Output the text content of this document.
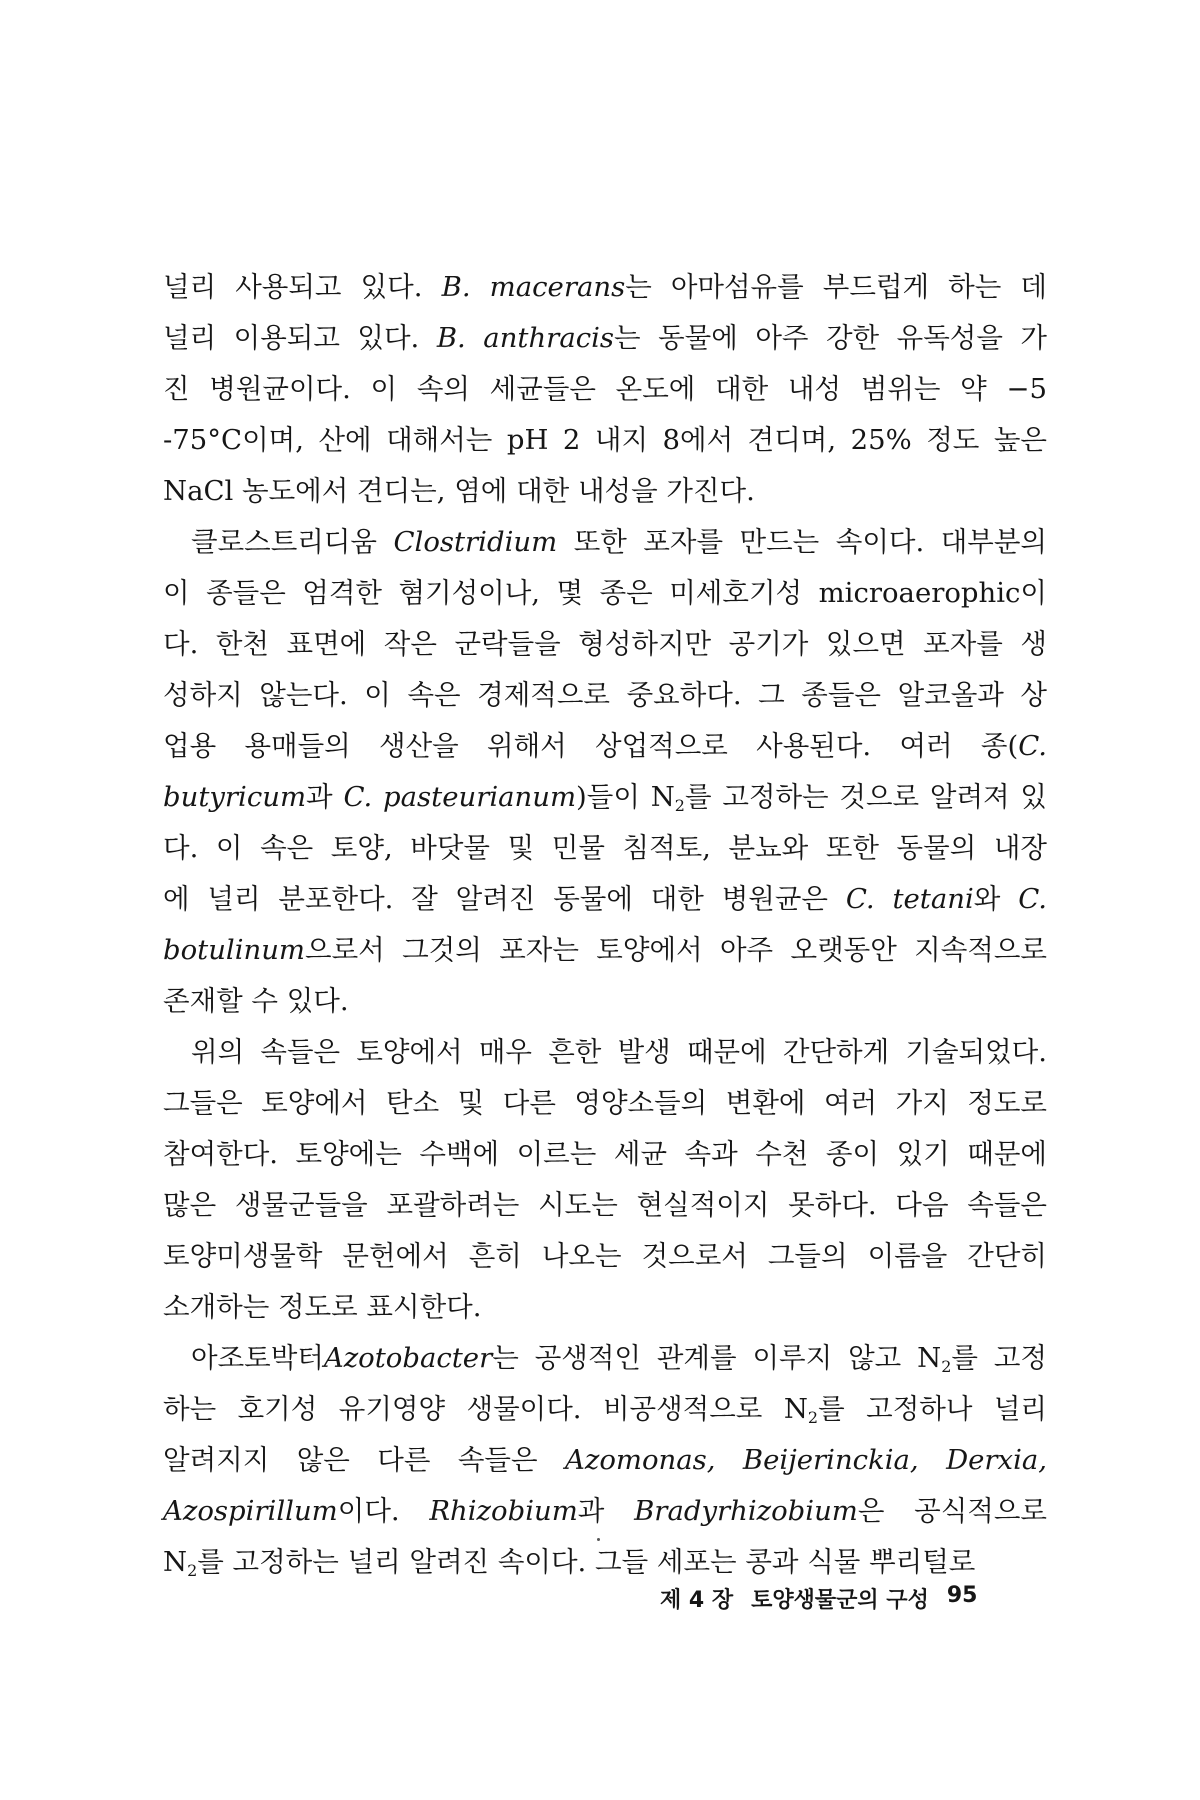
널리 사용되고 있다. B. macerans는 아마섬유를 부드럽게 하는 데
널리 이용되고 있다. B. anthracis는 동물에 아주 강한 유독성을 가
진 병원균이다. 이 속의 세균들은 온도에 대한 내성 범위는 약 −5
-75°C이며, 산에 대해서는 pH 2 내지 8에서 견디며, 25% 정도 높은
NaCl 농도에서 견디는, 염에 대한 내성을 가진다.
클로스트리디움 Clostridium 또한 포자를 만드는 속이다. 대부분의
이 종들은 엄격한 혐기성이나, 몇 종은 미세호기성 microaerophic이
다. 한천 표면에 작은 군락들을 형성하지만 공기가 있으면 포자를 생
성하지 않는다. 이 속은 경제적으로 중요하다. 그 종들은 알코올과 상
업용 용매들의 생산을 위해서 상업적으로 사용된다. 여러 종(C.
butyricum과 C. pasteurianum)들이 $N_2$를 고정하는 것으로 알려져 있
다. 이 속은 토양, 바닷물 및 민물 침적토, 분뇨와 또한 동물의 내장
에 널리 분포한다. 잘 알려진 동물에 대한 병원균은 C. tetani와 C.
botulinum으로서 그것의 포자는 토양에서 아주 오랫동안 지속적으로
존재할 수 있다.
위의 속들은 토양에서 매우 흔한 발생 때문에 간단하게 기술되었다.
그들은 토양에서 탄소 및 다른 영양소들의 변환에 여러 가지 정도로
참여한다. 토양에는 수백에 이르는 세균 속과 수천 종이 있기 때문에
많은 생물군들을 포괄하려는 시도는 현실적이지 못하다. 다음 속들은
토양미생물학 문헌에서 흔히 나오는 것으로서 그들의 이름을 간단히
소개하는 정도로 표시한다.
아조토박터Azotobacter는 공생적인 관계를 이루지 않고 $N_2$를 고정
하는 호기성 유기영양 생물이다. 비공생적으로 $N_2$를 고정하나 널리
알려지지 않은 다른 속들은 Azomonas, Beijerinckia, Derxia,
Azospirillum이다. Rhizobium과 Bradyrhizobium은 공식적으로
$N_2$를 고정하는 널리 알려진 속이다. 그들 세포는 콩과 식물 뿌리털로
제 4 장 토양생물군의 구성 95
